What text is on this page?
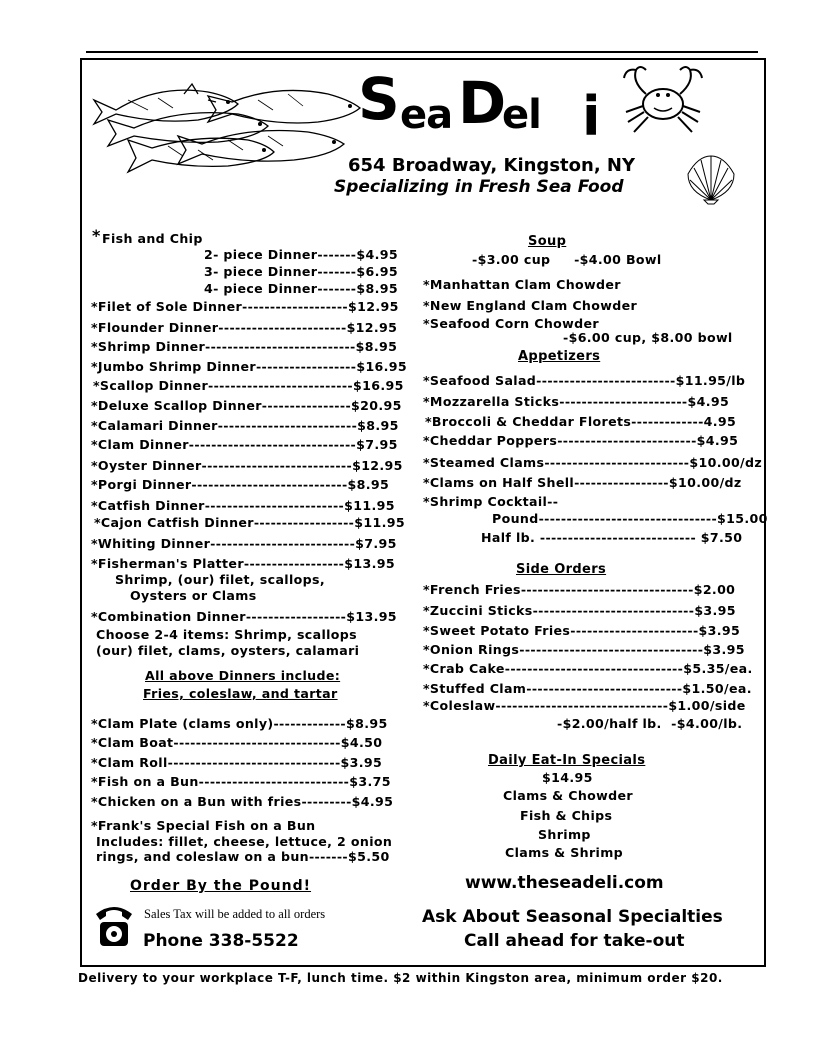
S ea D
el i
654 Broadway, Kingston, NY
Specializing in Fresh Sea Food
* Fish and Chip
2- piece Dinner-------$4.95
3- piece Dinner-------$6.95
4- piece Dinner-------$8.95
*Filet of Sole Dinner-------------------$12.95
*Flounder Dinner-----------------------$12.95
*Shrimp Dinner---------------------------$8.95
*Jumbo Shrimp Dinner------------------$16.95
*Scallop Dinner--------------------------$16.95
*Deluxe Scallop Dinner----------------$20.95
*Calamari Dinner-------------------------$8.95
*Clam Dinner------------------------------$7.95
*Oyster Dinner---------------------------$12.95
*Porgi Dinner----------------------------$8.95
*Catfish Dinner-------------------------$11.95
*Cajon Catfish Dinner------------------$11.95
*Whiting Dinner--------------------------$7.95
*Fisherman's Platter------------------$13.95
Shrimp, (our) filet, scallops,
Oysters or Clams
*Combination Dinner------------------$13.95
Choose 2-4 items: Shrimp, scallops
(our) filet, clams, oysters, calamari
All above Dinners include:
Fries, coleslaw, and tartar
*Clam Plate (clams only)-------------$8.95
*Clam Boat------------------------------$4.50
*Clam Roll-------------------------------$3.95
*Fish on a Bun---------------------------$3.75
*Chicken on a Bun with fries---------$4.95
*Frank's Special Fish on a Bun
Includes: fillet, cheese, lettuce, 2 onion
rings, and coleslaw on a bun-------$5.50
Order By the Pound!
Sales Tax will be added to all orders
Phone 338-5522
Soup
-$3.00 cup     -$4.00 Bowl
*Manhattan Clam Chowder
*New England Clam Chowder
*Seafood Corn Chowder
-$6.00 cup, $8.00 bowl
Appetizers
*Seafood Salad-------------------------$11.95/lb
*Mozzarella Sticks-----------------------$4.95
*Broccoli & Cheddar Florets-------------4.95
*Cheddar Poppers-------------------------$4.95
*Steamed Clams--------------------------$10.00/dz
*Clams on Half Shell-----------------$10.00/dz
*Shrimp Cocktail--
Pound--------------------------------$15.00
Half lb. ---------------------------- $7.50
Side Orders
*French Fries-------------------------------$2.00
*Zuccini Sticks-----------------------------$3.95
*Sweet Potato Fries-----------------------$3.95
*Onion Rings---------------------------------$3.95
*Crab Cake--------------------------------$5.35/ea.
*Stuffed Clam----------------------------$1.50/ea.
*Coleslaw-------------------------------$1.00/side
-$2.00/half lb.  -$4.00/lb.
Daily Eat-In Specials
$14.95
Clams & Chowder
Fish & Chips
Shrimp
Clams & Shrimp
www.theseadeli.com
Ask About Seasonal Specialties
Call ahead for take-out
Delivery to your workplace T-F, lunch time. $2 within Kingston area, minimum order $20.
